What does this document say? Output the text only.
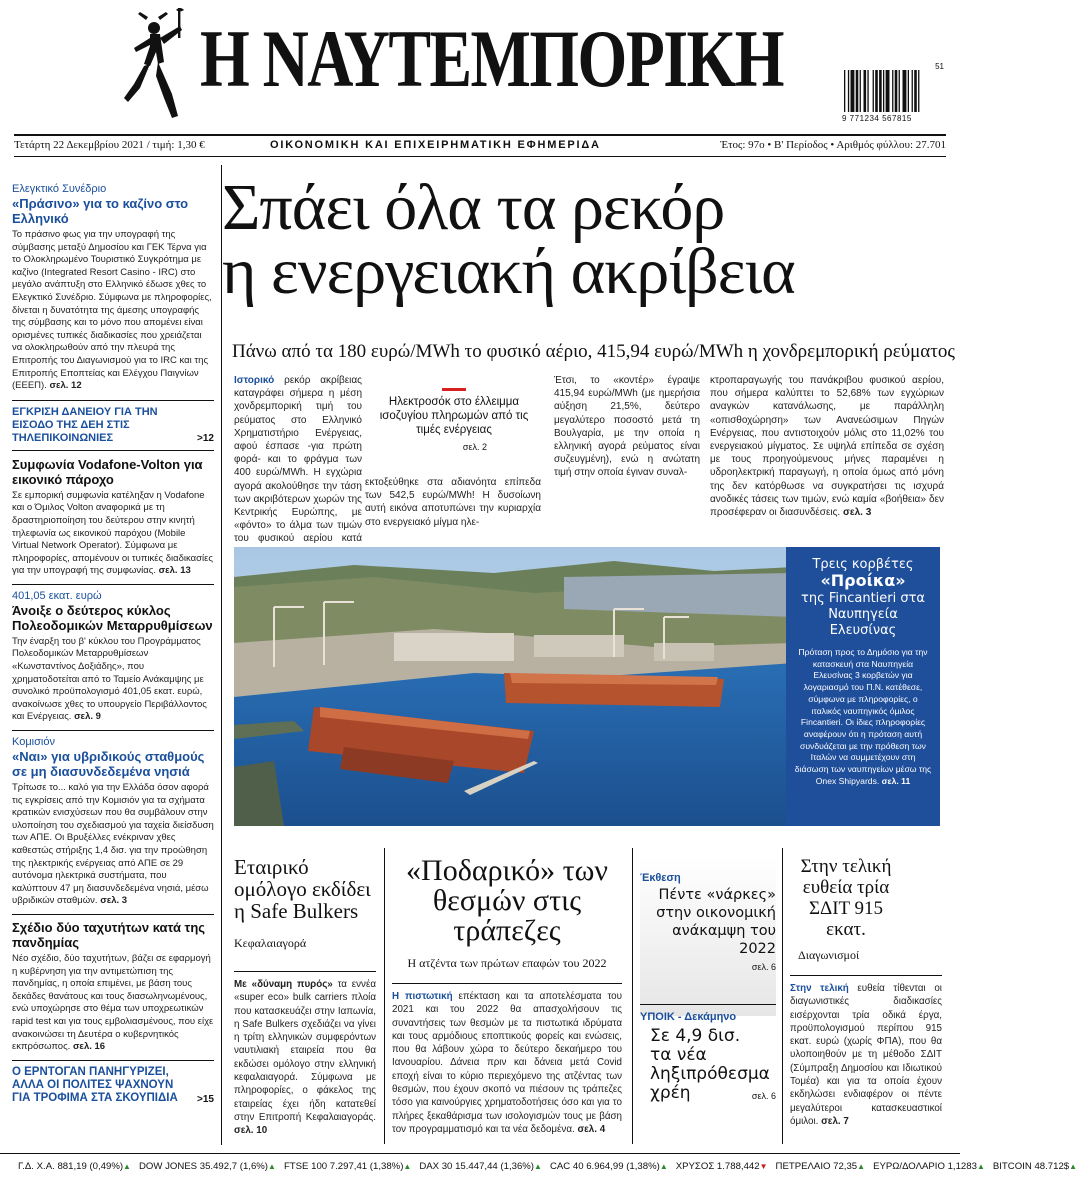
Η ΝΑΥΤΕΜΠΟΡΙΚΗ	51
9 771234 567815
Τετάρτη 22 Δεκεμβρίου 2021 / τιμή: 1,30 €	ΟΙΚΟΝΟΜΙΚΗ ΚΑΙ ΕΠΙΧΕΙΡΗΜΑΤΙΚΗ ΕΦΗΜΕΡΙΔΑ	Έτος: 97ο • Β' Περίοδος • Αριθμός φύλλου: 27.701
Ελεγκτικό Συνέδριο
«Πράσινο» για το καζίνο στο Ελληνικό
Το πράσινο φως για την υπογραφή της σύμβασης μεταξύ Δημοσίου και ΓΕΚ Τέρνα για το Ολοκληρωμένο Τουριστικό Συγκρότημα με καζίνο (Integrated Resort Casino - IRC) στο μεγάλο ανάπτυξη στο Ελληνικό έδωσε χθες το Ελεγκτικό Συνέδριο. Σύμφωνα με πληροφορίες, δίνεται η δυνατότητα της άμεσης υπογραφής της σύμβασης και το μόνο που απομένει είναι ορισμένες τυπικές διαδικασίες που χρειάζεται να ολοκληρωθούν από την πλευρά της Επιτροπής του Διαγωνισμού για το IRC και της Επιτροπής Εποπτείας και Ελέγχου Παιγνίων (ΕΕΕΠ). σελ. 12
ΕΓΚΡΙΣΗ ΔΑΝΕΙΟΥ ΓΙΑ ΤΗΝ ΕΙΣΟΔΟ ΤΗΣ ΔΕΗ ΣΤΙΣ ΤΗΛΕΠΙΚΟΙΝΩΝΙΕΣ	>12
Συμφωνία Vodafone-Volton για εικονικό πάροχο
Σε εμπορική συμφωνία κατέληξαν η Vodafone και ο Όμιλος Volton αναφορικά με τη δραστηριοποίηση του δεύτερου στην κινητή τηλεφωνία ως εικονικού παρόχου (Mobile Virtual Network Operator). Σύμφωνα με πληροφορίες, απομένουν οι τυπικές διαδικασίες για την υπογραφή της συμφωνίας. σελ. 13
401,05 εκατ. ευρώ
Άνοιξε ο δεύτερος κύκλος Πολεοδομικών Μεταρρυθμίσεων
Την έναρξη του β' κύκλου του Προγράμματος Πολεοδομικών Μεταρρυθμίσεων «Κωνσταντίνος Δοξιάδης», που χρηματοδοτείται από το Ταμείο Ανάκαμψης με συνολικό προϋπολογισμό 401,05 εκατ. ευρώ, ανακοίνωσε χθες το υπουργείο Περιβάλλοντος και Ενέργειας. σελ. 9
Κομισιόν
«Ναι» για υβριδικούς σταθμούς σε μη διασυνδεδεμένα νησιά
Τρίτωσε το... καλό για την Ελλάδα όσον αφορά τις εγκρίσεις από την Κομισιόν για τα σχήματα κρατικών ενισχύσεων που θα συμβάλουν στην υλοποίηση του σχεδιασμού για ταχεία διείσδυση των ΑΠΕ. Οι Βρυξέλλες ενέκριναν χθες καθεστώς στήριξης 1,4 δισ. για την προώθηση της ηλεκτρικής ενέργειας από ΑΠΕ σε 29 αυτόνομα ηλεκτρικά συστήματα, που καλύπτουν 47 μη διασυνδεδεμένα νησιά, μέσω υβριδικών σταθμών. σελ. 3
Σχέδιο δύο ταχυτήτων κατά της πανδημίας
Νέο σχέδιο, δύο ταχυτήτων, βάζει σε εφαρμογή η κυβέρνηση για την αντιμετώπιση της πανδημίας, η οποία επιμένει, με βάση τους δεκάδες θανάτους και τους διασωληνωμένους, ενώ υποχώρησε στο θέμα των υποχρεωτικών rapid test και για τους εμβολιασμένους, που είχε ανακοινώσει τη Δευτέρα ο κυβερνητικός εκπρόσωπος. σελ. 16
Ο ΕΡΝΤΟΓΑΝ ΠΑΝΗΓΥΡΙΖΕΙ, ΑΛΛΑ ΟΙ ΠΟΛΙΤΕΣ ΨΑΧΝΟΥΝ ΓΙΑ ΤΡΟΦΙΜΑ ΣΤΑ ΣΚΟΥΠΙΔΙΑ	>15
Σπάει όλα τα ρεκόρ
η ενεργειακή ακρίβεια
Πάνω από τα 180 ευρώ/MWh το φυσικό αέριο, 415,94 ευρώ/MWh η χονδρεμπορική ρεύματος
Ιστορικό ρεκόρ ακρίβειας καταγράφει σήμερα η μέση χονδρεμπορική τιμή του ρεύματος στο Ελληνικό Χρηματιστήριο Ενέργειας, αφού έσπασε -για πρώτη φορά- και το φράγμα των 400 ευρώ/MWh. Η εγχώρια αγορά ακολούθησε την τάση των ακριβότερων χωρών της Κεντρικής Ευρώπης, με «φόντο» το άλμα των τιμών του φυσικού αερίου κατά
Ηλεκτροσόκ στο έλλειμμα ισοζυγίου πληρωμών από τις τιμές ενέργειας
σελ. 2
εκτοξεύθηκε στα αδιανόητα επίπεδα των 542,5 ευρώ/MWh! Η δυσοίωνη αυτή εικόνα αποτυπώνει την κυριαρχία στο ενεργειακό μίγμα ηλε-
Έτσι, το «κοντέρ» έγραψε 415,94 ευρώ/MWh (με ημερήσια αύξηση 21,5%, δεύτερο μεγαλύτερο ποσοστό μετά τη Βουλγαρία, με την οποία η ελληνική αγορά ρεύματος είναι συζευγμένη), ενώ η ανώτατη τιμή στην οποία έγιναν συναλ-
κτροπαραγωγής του πανάκριβου φυσικού αερίου, που σήμερα καλύπτει το 52,68% των εγχώριων αναγκών κατανάλωσης, με παράλληλη «οπισθοχώρηση» των Ανανεώσιμων Πηγών Ενέργειας, που αντιστοιχούν μόλις στο 11,02% του ενεργειακού μίγματος. Σε υψηλά επίπεδα σε σχέση με τους προηγούμενους μήνες παραμένει η υδροηλεκτρική παραγωγή, η οποία όμως από μόνη της δεν κατόρθωσε να συγκρατήσει τις ισχυρά ανοδικές τάσεις των τιμών, ενώ καμία «βοήθεια» δεν προσέφεραν οι διασυνδέσεις. σελ. 3
Τρεις κορβέτες
«Προίκα»
της Fincantieri στα Ναυπηγεία Ελευσίνας
Πρόταση προς το Δημόσιο για την κατασκευή στα Ναυπηγεία Ελευσίνας 3 κορβετών για λογαριασμό του Π.Ν. κατέθεσε, σύμφωνα με πληροφορίες, ο ιταλικός ναυπηγικός όμιλος Fincantieri. Οι ίδιες πληροφορίες αναφέρουν ότι η πρόταση αυτή συνδυάζεται με την πρόθεση των Ιταλών να συμμετέχουν στη διάσωση των ναυπηγείων μέσω της Onex Shipyards. σελ. 11
Εταιρικό ομόλογο εκδίδει η Safe Bulkers
Κεφαλαιαγορά
Με «δύναμη πυρός» τα εννέα «super eco» bulk carriers πλοία που κατασκευάζει στην Ιαπωνία, η Safe Bulkers σχεδιάζει να γίνει η τρίτη ελληνικών συμφερόντων ναυτιλιακή εταιρεία που θα εκδώσει ομόλογο στην ελληνική κεφαλαιαγορά. Σύμφωνα με πληροφορίες, ο φάκελος της εταιρείας έχει ήδη κατατεθεί στην Επιτροπή Κεφαλαιαγοράς. σελ. 10
«Ποδαρικό» των θεσμών στις τράπεζες
Η ατζέντα των πρώτων επαφών του 2022
Η πιστωτική επέκταση και τα αποτελέσματα του 2021 και του 2022 θα απασχολήσουν τις συναντήσεις των θεσμών με τα πιστωτικά ιδρύματα και τους αρμόδιους εποπτικούς φορείς και ενώσεις, που θα λάβουν χώρα το δεύτερο δεκαήμερο του Ιανουαρίου. Δάνεια πριν και δάνεια μετά Covid εποχή είναι το κύριο περιεχόμενο της ατζέντας των θεσμών, που έχουν σκοπό να πιέσουν τις τράπεζες τόσο για καινούργιες χρηματοδοτήσεις όσο και για το πλήρες ξεκαθάρισμα των ισολογισμών τους με βάση τον προγραμματισμό και τα νέα δεδομένα. σελ. 4
Έκθεση
Πέντε «νάρκες» στην οικονομική ανάκαμψη του 2022
σελ. 6
ΥΠΟΙΚ - Δεκάμηνο
Σε 4,9 δισ. τα νέα ληξιπρόθεσμα χρέη	σελ. 6
Στην τελική ευθεία τρία ΣΔΙΤ 915 εκατ.
Διαγωνισμοί
Στην τελική ευθεία τίθενται οι διαγωνιστικές διαδικασίες εισέρχονται τρία οδικά έργα, προϋπολογισμού περίπου 915 εκατ. ευρώ (χωρίς ΦΠΑ), που θα υλοποιηθούν με τη μέθοδο ΣΔΙΤ (Σύμπραξη Δημοσίου και Ιδιωτικού Τομέα) και για τα οποία έχουν εκδηλώσει ενδιαφέρον οι πέντε μεγαλύτεροι κατασκευαστικοί όμιλοι. σελ. 7
Γ.Δ. Χ.Α. 881,19 (0,49%)▲ DOW JONES 35.492,7 (1,6%)▲ FTSE 100 7.297,41 (1,38%)▲ DAX 30 15.447,44 (1,36%)▲ CAC 40 6.964,99 (1,38%)▲ ΧΡΥΣΟΣ 1.788,442▼ ΠΕΤΡΕΛΑΙΟ 72,35▲ ΕΥΡΩ/ΔΟΛΑΡΙΟ 1,1283▲ BITCOIN 48.712$▲
